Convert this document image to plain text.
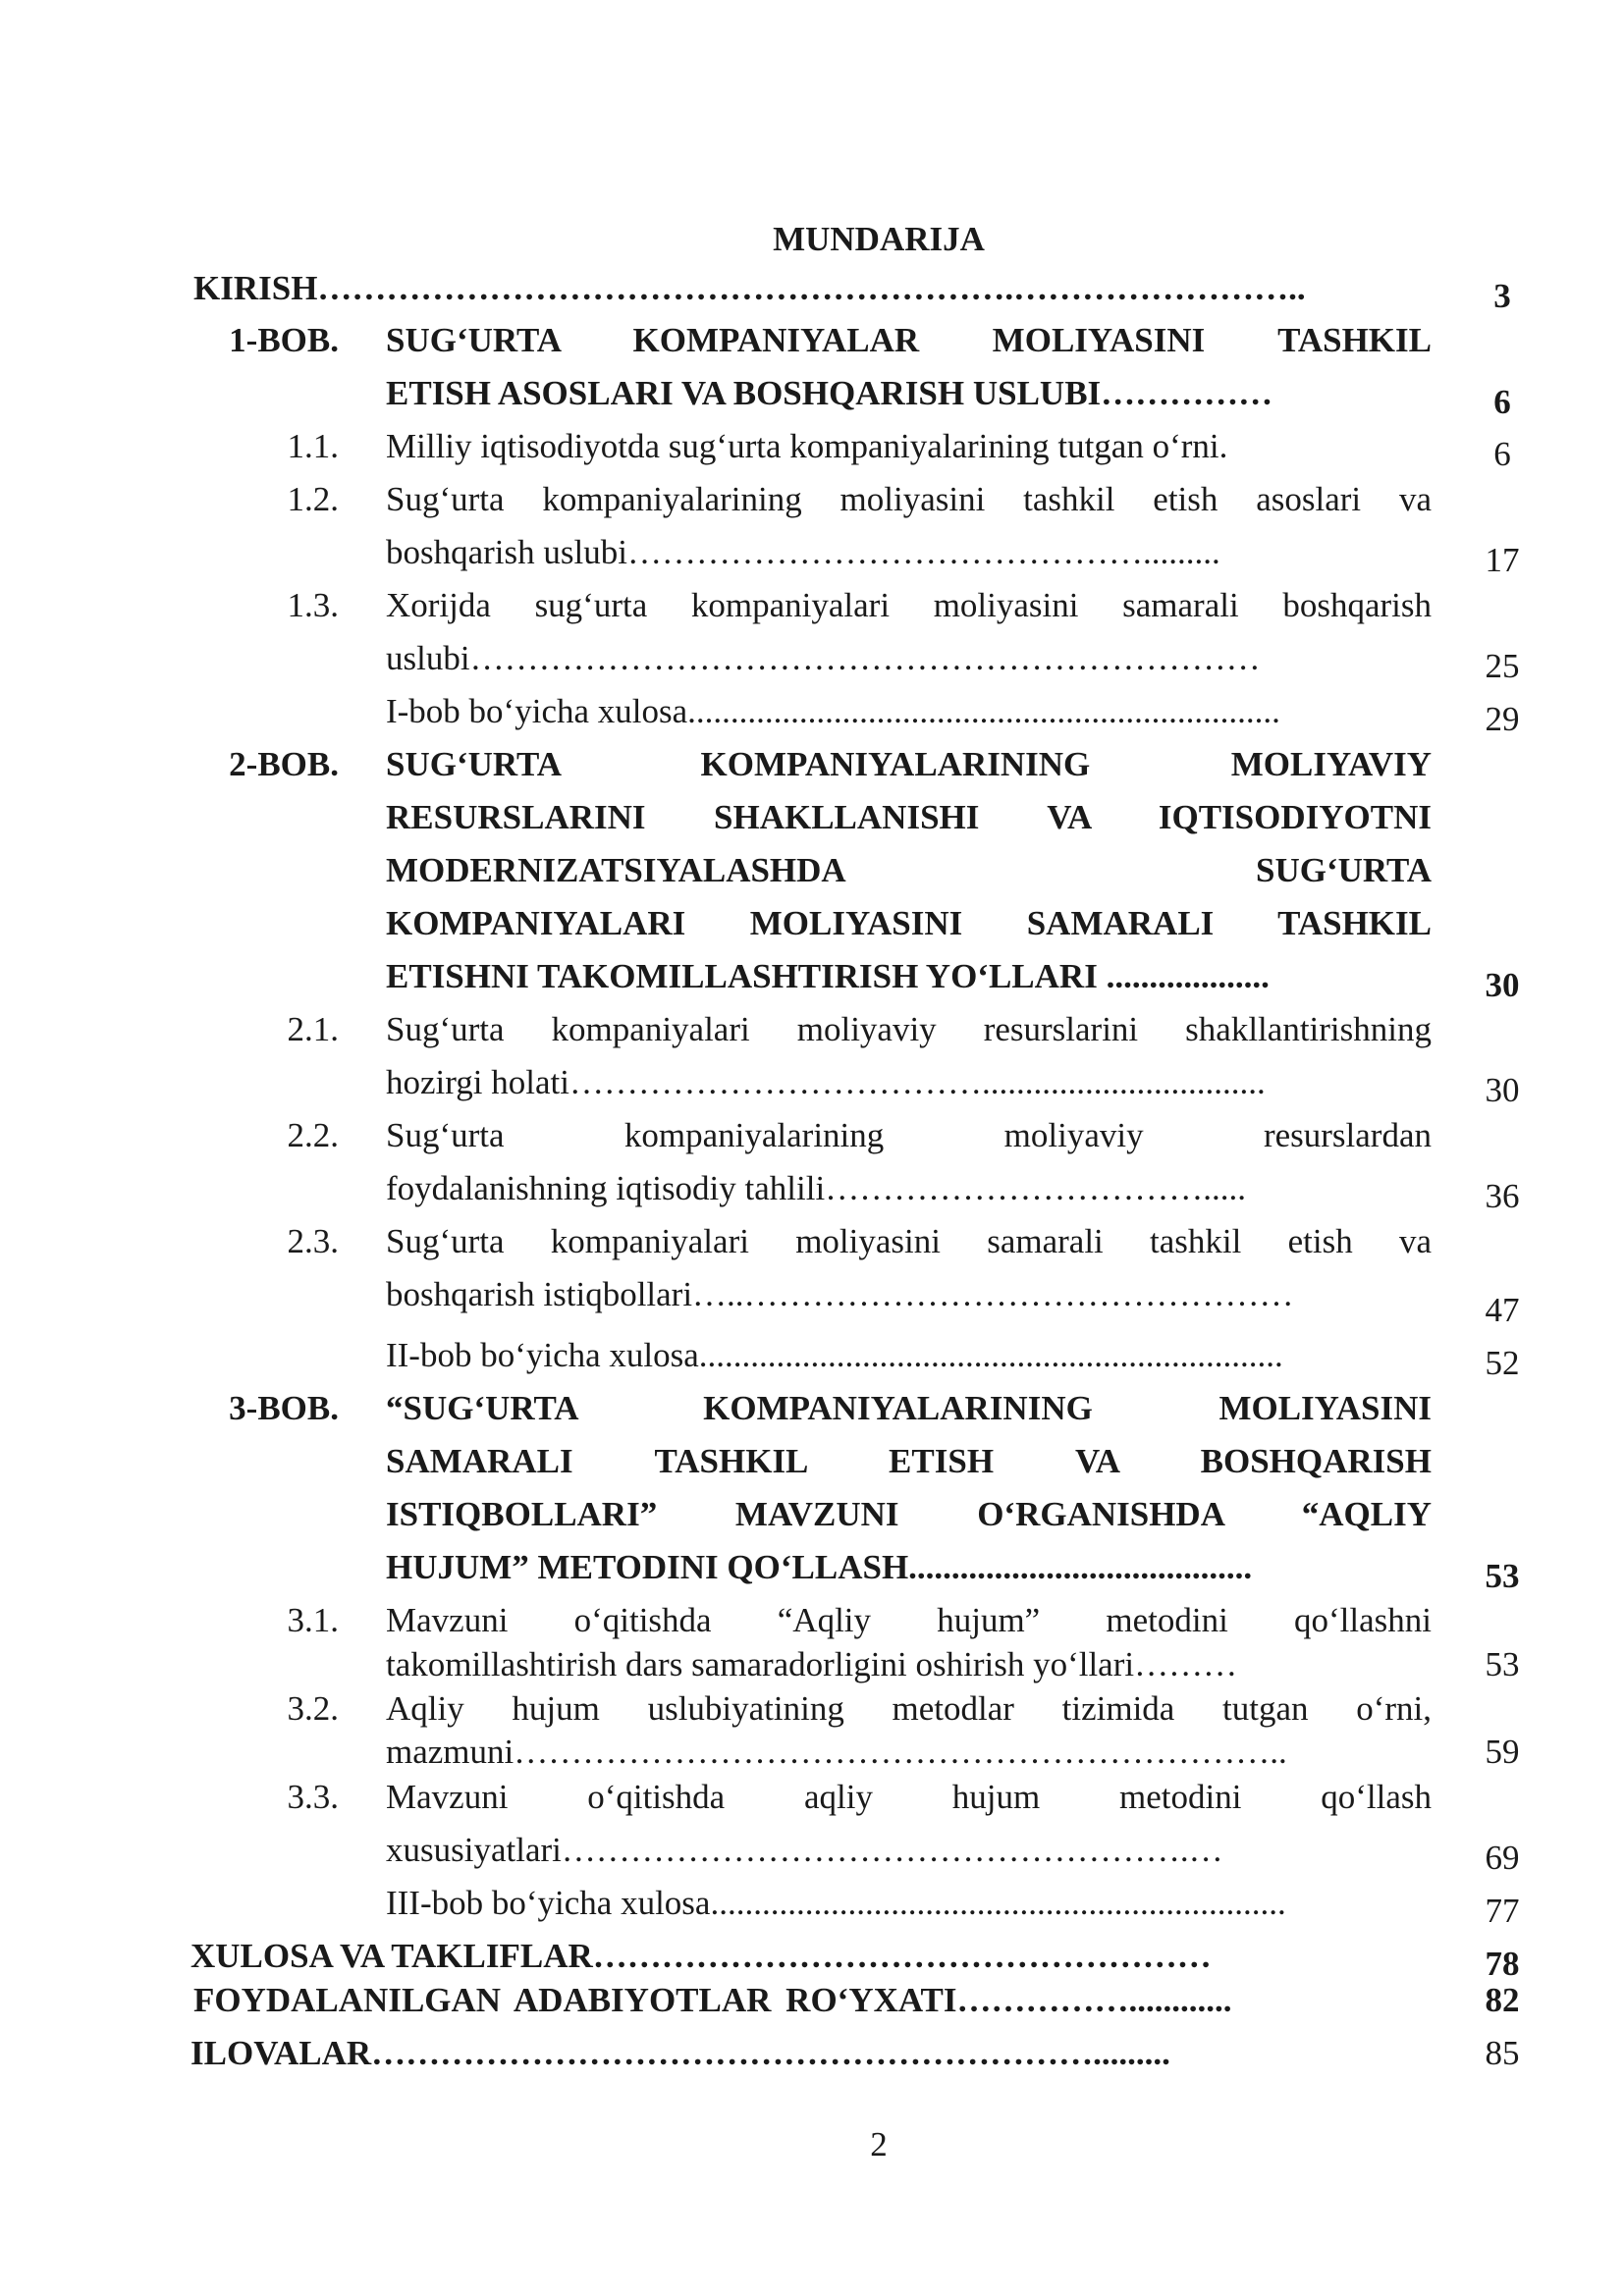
MUNDARIJA
KIRISH…………………………………………………….……………………..	3
1-BOB. SUG‘URTA KOMPANIYALAR MOLIYASINI TASHKIL
ETISH ASOSLARI VA BOSHQARISH USLUBI……………	6
1.1. Milliy iqtisodiyotda sug‘urta kompaniyalarining tutgan o‘rni.	6
1.2. Sug‘urta kompaniyalarining moliyasini tashkil etish asoslari va
boshqarish uslubi……………………………………….........	17
1.3. Xorijda sug‘urta kompaniyalari moliyasini samarali boshqarish
uslubi……………………………………………………………	25
I-bob bo‘yicha xulosa.....................................................................	29
2-BOB. SUG‘URTA KOMPANIYALARINING MOLIYAVIY
RESURSLARINI SHAKLLANISHI VA IQTISODIYOTNI
MODERNIZATSIYALASHDA SUG‘URTA
KOMPANIYALARI MOLIYASINI SAMARALI TASHKIL
ETISHNI TAKOMILLASHTIRISH YO‘LLARI ...................	30
2.1. Sug‘urta kompaniyalari moliyaviy resurslarini shakllantirishning
hozirgi holati……………………………….................................	30
2.2. Sug‘urta kompaniyalarining moliyaviy resurslardan
foydalanishning iqtisodiy tahlili…………………………….....	36
2.3. Sug‘urta kompaniyalari moliyasini samarali tashkil etish va
boshqarish istiqbollari…..…………………………………………	47
II-bob bo‘yicha xulosa....................................................................	52
3-BOB. “SUG‘URTA KOMPANIYALARINING MOLIYASINI
SAMARALI TASHKIL ETISH VA BOSHQARISH
ISTIQBOLLARI” MAVZUNI O‘RGANISHDA “AQLIY
HUJUM” METODINI QO‘LLASH........................................	53
3.1. Mavzuni o‘qitishda “Aqliy hujum” metodini qo‘llashni
takomillashtirish dars samaradorligini oshirish yo‘llari………	53
3.2. Aqliy hujum uslubiyatining metodlar tizimida tutgan o‘rni,
mazmuni…………………………………………………………..	59
3.3. Mavzuni o‘qitishda aqliy hujum metodini qo‘llash
xususiyatlari……………………………………………….…	69
III-bob bo‘yicha xulosa...................................................................	77
XULOSA VA TAKLIFLAR………………………………………………	78
FOYDALANILGAN ADABIYOTLAR RO‘YXATI……………............	82
ILOVALAR……………………………………………………….........	85
2
